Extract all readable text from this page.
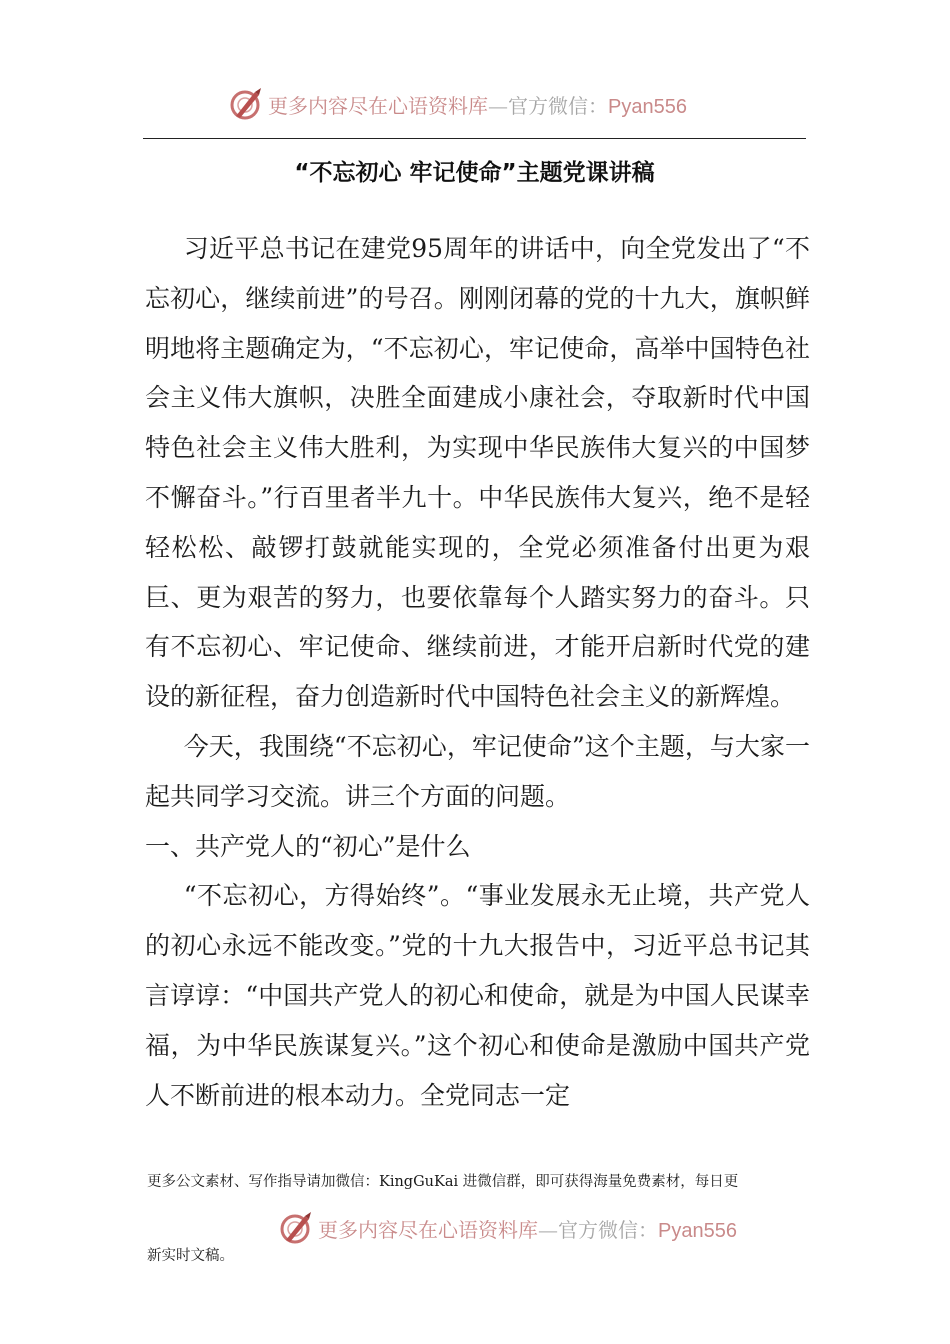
更多内容尽在心语资料库—官方微信：Pyan556
“不忘初心 牢记使命”主题党课讲稿

习近平总书记在建党95周年的讲话中，向全党发出了“不忘初心，继续前进”的号召。刚刚闭幕的党的十九大，旗帜鲜明地将主题确定为，“不忘初心，牢记使命，高举中国特色社会主义伟大旗帜，决胜全面建成小康社会，夺取新时代中国特色社会主义伟大胜利，为实现中华民族伟大复兴的中国梦不懈奋斗。”行百里者半九十。中华民族伟大复兴，绝不是轻轻松松、敲锣打鼓就能实现的，全党必须准备付出更为艰巨、更为艰苦的努力，也要依靠每个人踏实努力的奋斗。只有不忘初心、牢记使命、继续前进，才能开启新时代党的建设的新征程，奋力创造新时代中国特色社会主义的新辉煌。

今天，我围绕“不忘初心，牢记使命”这个主题，与大家一起共同学习交流。讲三个方面的问题。

一、共产党人的“初心”是什么

“不忘初心，方得始终”。“事业发展永无止境，共产党人的初心永远不能改变。”党的十九大报告中，习近平总书记其言谆谆：“中国共产党人的初心和使命，就是为中国人民谋幸福，为中华民族谋复兴。”这个初心和使命是激励中国共产党人不断前进的根本动力。全党同志一定

更多公文素材、写作指导请加微信：KingGuKai 进微信群，即可获得海量免费素材，每日更
更多内容尽在心语资料库—官方微信：Pyan556
新实时文稿。
